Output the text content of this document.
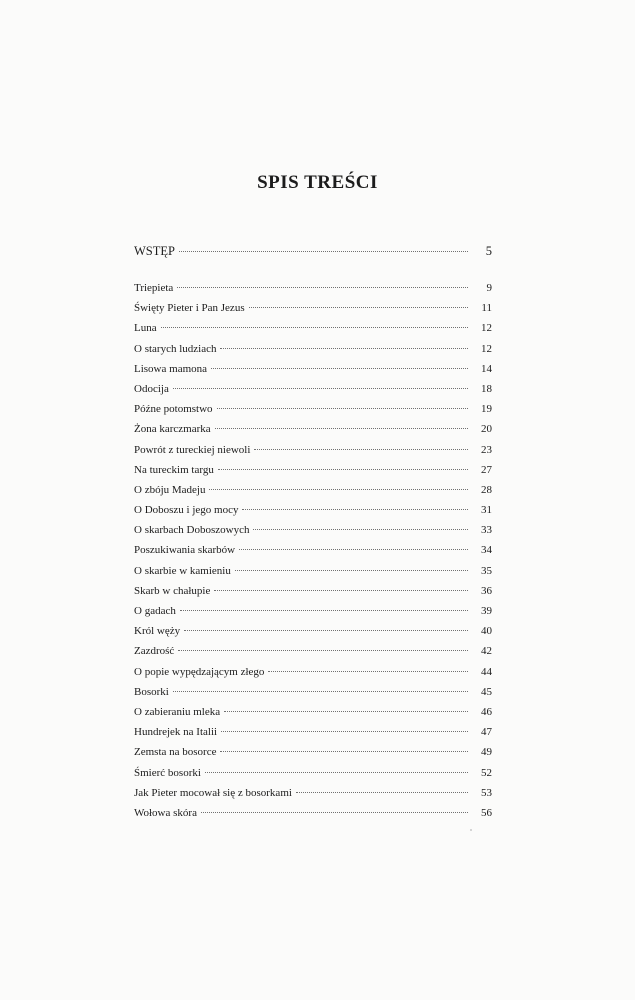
SPIS TREŚCI
WSTĘP	5
Triepieta	9
Święty Pieter i Pan Jezus	11
Luna	12
O starych ludziach	12
Lisowa mamona	14
Odocija	18
Późne potomstwo	19
Żona karczmarka	20
Powrót z tureckiej niewoli	23
Na tureckim targu	27
O zbóju Madeju	28
O Doboszu i jego mocy	31
O skarbach Doboszowych	33
Poszukiwania skarbów	34
O skarbie w kamieniu	35
Skarb w chałupie	36
O gadach	39
Król węży	40
Zazdrość	42
O popie wypędzającym złego	44
Bosorki	45
O zabieraniu mleka	46
Hundrejek na Italii	47
Zemsta na bosorce	49
Śmierć bosorki	52
Jak Pieter mocował się z bosorkami	53
Wołowa skóra	56
